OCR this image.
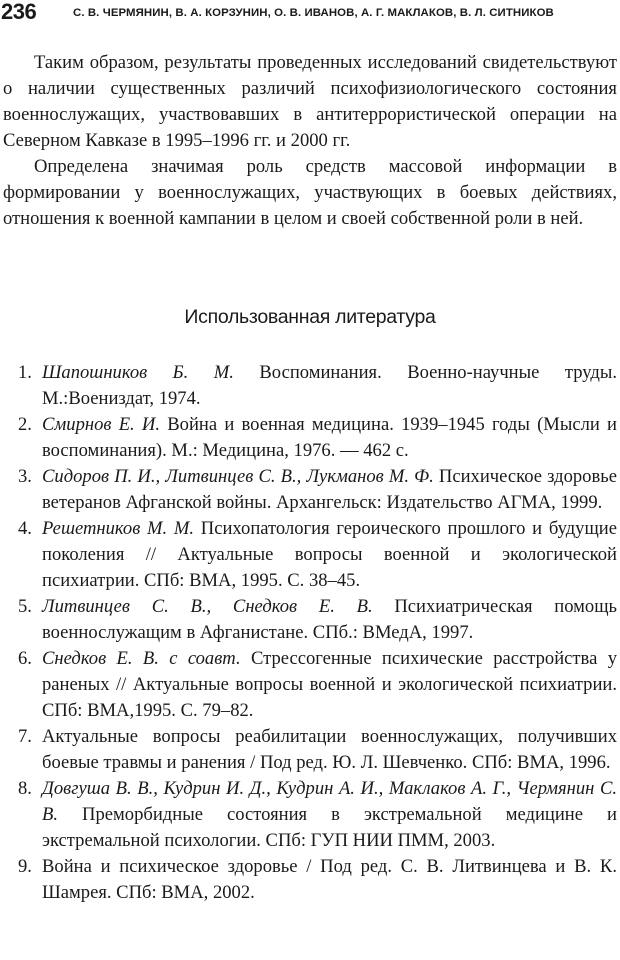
236	С. В. ЧЕРМЯНИН, В. А. КОРЗУНИН, О. В. ИВАНОВ, А. Г. МАКЛАКОВ, В. Л. СИТНИКОВ

Таким образом, результаты проведенных исследований свидетельствуют о наличии существенных различий психофизиологического состояния военнослужащих, участвовавших в антитеррористической операции на Северном Кавказе в 1995–1996 гг. и 2000 гг.

Определена значимая роль средств массовой информации в формировании у военнослужащих, участвующих в боевых действиях, отношения к военной кампании в целом и своей собственной роли в ней.

Использованная литература
1. Шапошников Б. М. Воспоминания. Военно-научные труды. М.:Воениздат, 1974.
2. Смирнов Е. И. Война и военная медицина. 1939–1945 годы (Мысли и воспоминания). М.: Медицина, 1976. — 462 с.
3. Сидоров П. И., Литвинцев С. В., Лукманов М. Ф. Психическое здоровье ветеранов Афганской войны. Архангельск: Издательство АГМА, 1999.
4. Решетников М. М. Психопатология героического прошлого и будущие поколения // Актуальные вопросы военной и экологической психиатрии. СПб: ВМА, 1995. С. 38–45.
5. Литвинцев С. В., Снедков Е. В. Психиатрическая помощь военнослужащим в Афганистане. СПб.: ВМедА, 1997.
6. Снедков Е. В. с соавт. Стрессогенные психические расстройства у раненых // Актуальные вопросы военной и экологической психиатрии. СПб: ВМА,1995. С. 79–82.
7. Актуальные вопросы реабилитации военнослужащих, получивших боевые травмы и ранения / Под ред. Ю. Л. Шевченко. СПб: ВМА, 1996.
8. Довгуша В. В., Кудрин И. Д., Кудрин А. И., Маклаков А. Г., Чермянин С. В. Преморбидные состояния в экстремальной медицине и экстремальной психологии. СПб: ГУП НИИ ПММ, 2003.
9. Война и психическое здоровье / Под ред. С. В. Литвинцева и В. К. Шамрея. СПб: ВМА, 2002.
